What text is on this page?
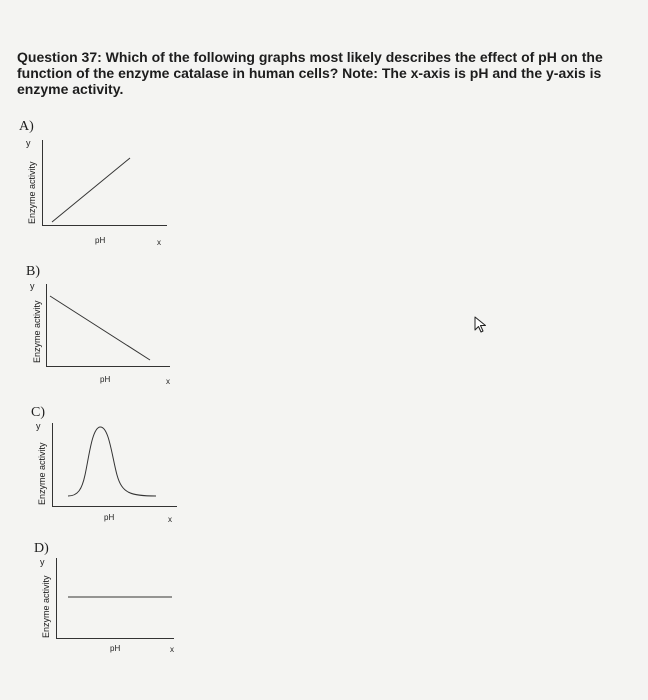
Question 37: Which of the following graphs most likely describes the effect of pH on the function of the enzyme catalase in human cells? Note: The x-axis is pH and the y-axis is enzyme activity.
A)
y
Enzyme activity
pH	x
B)
y
Enzyme activity
pH	x
C)
y
Enzyme activity
pH	x
D)
y
Enzyme activity
pH	x
